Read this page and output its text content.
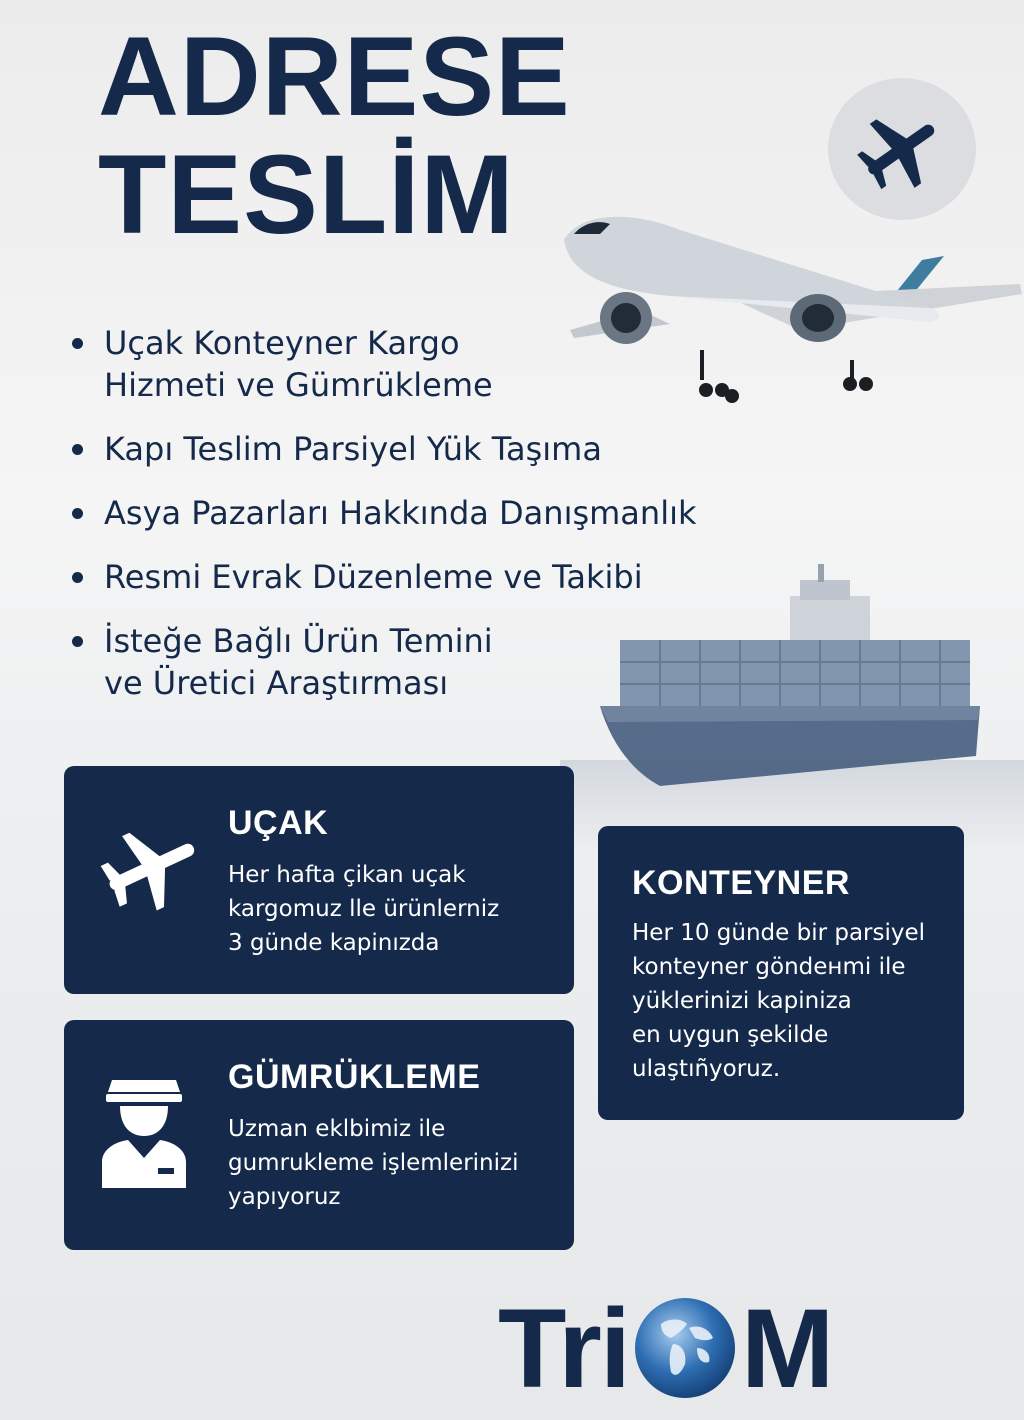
ADRESE
TESLİM
Uçak Konteyner Kargo
Hizmeti ve Gümrükleme
Kapı Teslim Parsiyel Yük Taşıma
Asya Pazarları Hakkında Danışmanlık
Resmi Evrak Düzenleme ve Takibi
İsteğe Bağlı Ürün Temini
ve Üretici Araştırması
UÇAK

Her hafta çikan uçak
kargomuz lle ürünlerniz
3 günde kapinızda

GÜMRÜKLEME

Uzman eklbimiz ile
gumrukleme işlemlerinizi
yapıyoruz

KONTEYNER

Her 10 günde bir parsiyel
konteyner göndeнmi ile
yüklerinizi kapiniza
en uygun şekilde
ulaştıñyoruz.

Tri M
